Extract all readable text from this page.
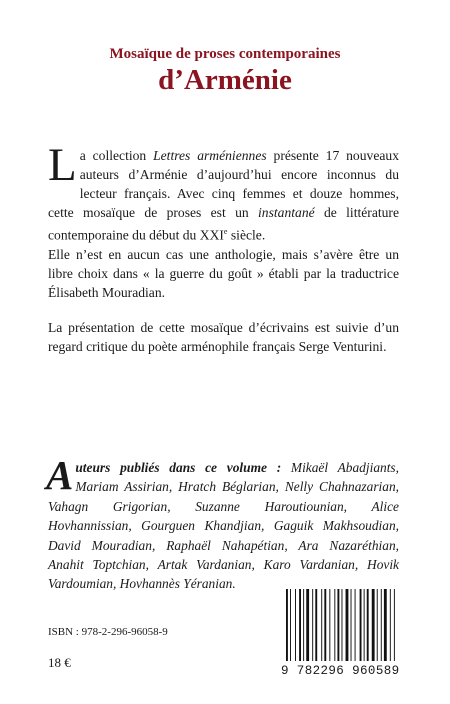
Mosaïque de proses contemporaines
d’Arménie

La collection Lettres arméniennes présente 17 nouveaux auteurs d’Arménie d’aujourd’hui encore inconnus du lecteur français. Avec cinq femmes et douze hommes, cette mosaïque de proses est un instantané de littérature contemporaine du début du XXIe siècle.

Elle n’est en aucun cas une anthologie, mais s’avère être un libre choix dans « la guerre du goût » établi par la traductrice Élisabeth Mouradian.

La présentation de cette mosaïque d’écrivains est suivie d’un regard critique du poète arménophile français Serge Venturini.

Auteurs publiés dans ce volume : Mikaël Abadjiants, Mariam Assirian, Hratch Béglarian, Nelly Chahnazarian, Vahagn Grigorian, Suzanne Haroutiounian, Alice Hovhannissian, Gourguen Khandjian, Gaguik Makhsoudian, David Mouradian, Raphaël Nahapétian, Ara Nazaréthian, Anahit Toptchian, Artak Vardanian, Karo Vardanian, Hovik Vardoumian, Hovhannès Yéranian.

ISBN : 978-2-296-96058-9
18 €
9 782296 960589
